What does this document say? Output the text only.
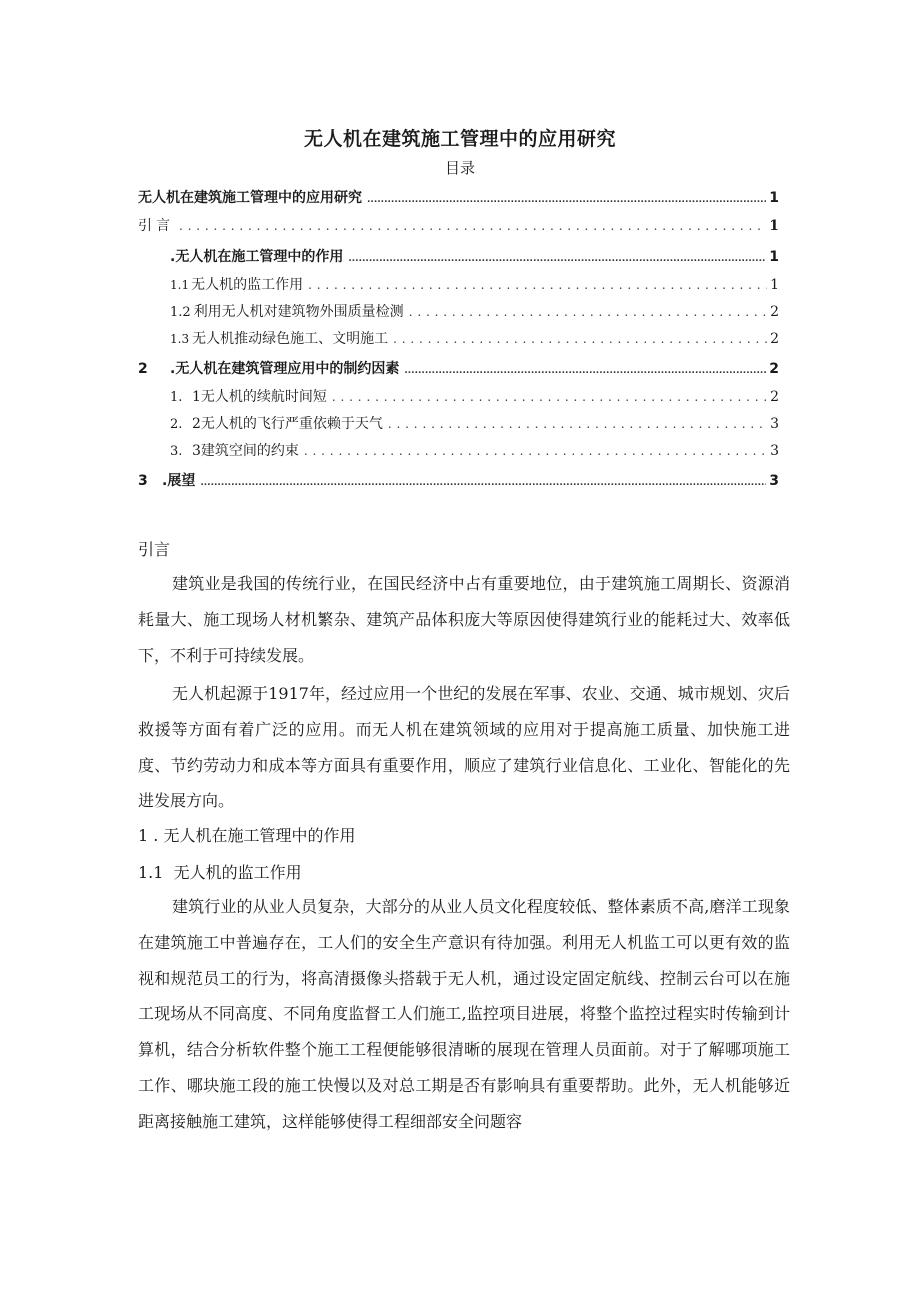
无人机在建筑施工管理中的应用研究
目录
无人机在建筑施工管理中的应用研究 .....	1
引言 . . .	1
.无人机在施工管理中的作用 .....	1
1.1 无人机的监工作用 . . .	1
1.2 利用无人机对建筑物外围质量检测 . . .	2
1.3 无人机推动绿色施工、文明施工 . . .	2
2	.无人机在建筑管理应用中的制约因素 .....	2
1. 1无人机的续航时间短 . . .	2
2. 2无人机的飞行严重依赖于天气 . . .	3
3. 3建筑空间的约束 . . .	3
3	.展望 .....	3
引言
建筑业是我国的传统行业，在国民经济中占有重要地位，由于建筑施工周期长、资源消耗量大、施工现场人材机繁杂、建筑产品体积庞大等原因使得建筑行业的能耗过大、效率低下，不利于可持续发展。
无人机起源于1917年，经过应用一个世纪的发展在军事、农业、交通、城市规划、灾后救援等方面有着广泛的应用。而无人机在建筑领域的应用对于提高施工质量、加快施工进度、节约劳动力和成本等方面具有重要作用，顺应了建筑行业信息化、工业化、智能化的先进发展方向。
1 . 无人机在施工管理中的作用
1.1  无人机的监工作用
建筑行业的从业人员复杂，大部分的从业人员文化程度较低、整体素质不高,磨洋工现象在建筑施工中普遍存在，工人们的安全生产意识有待加强。利用无人机监工可以更有效的监视和规范员工的行为，将高清摄像头搭载于无人机，通过设定固定航线、控制云台可以在施工现场从不同高度、不同角度监督工人们施工,监控项目进展，将整个监控过程实时传输到计算机，结合分析软件整个施工工程便能够很清晰的展现在管理人员面前。对于了解哪项施工工作、哪块施工段的施工快慢以及对总工期是否有影响具有重要帮助。此外，无人机能够近距离接触施工建筑，这样能够使得工程细部安全问题容
